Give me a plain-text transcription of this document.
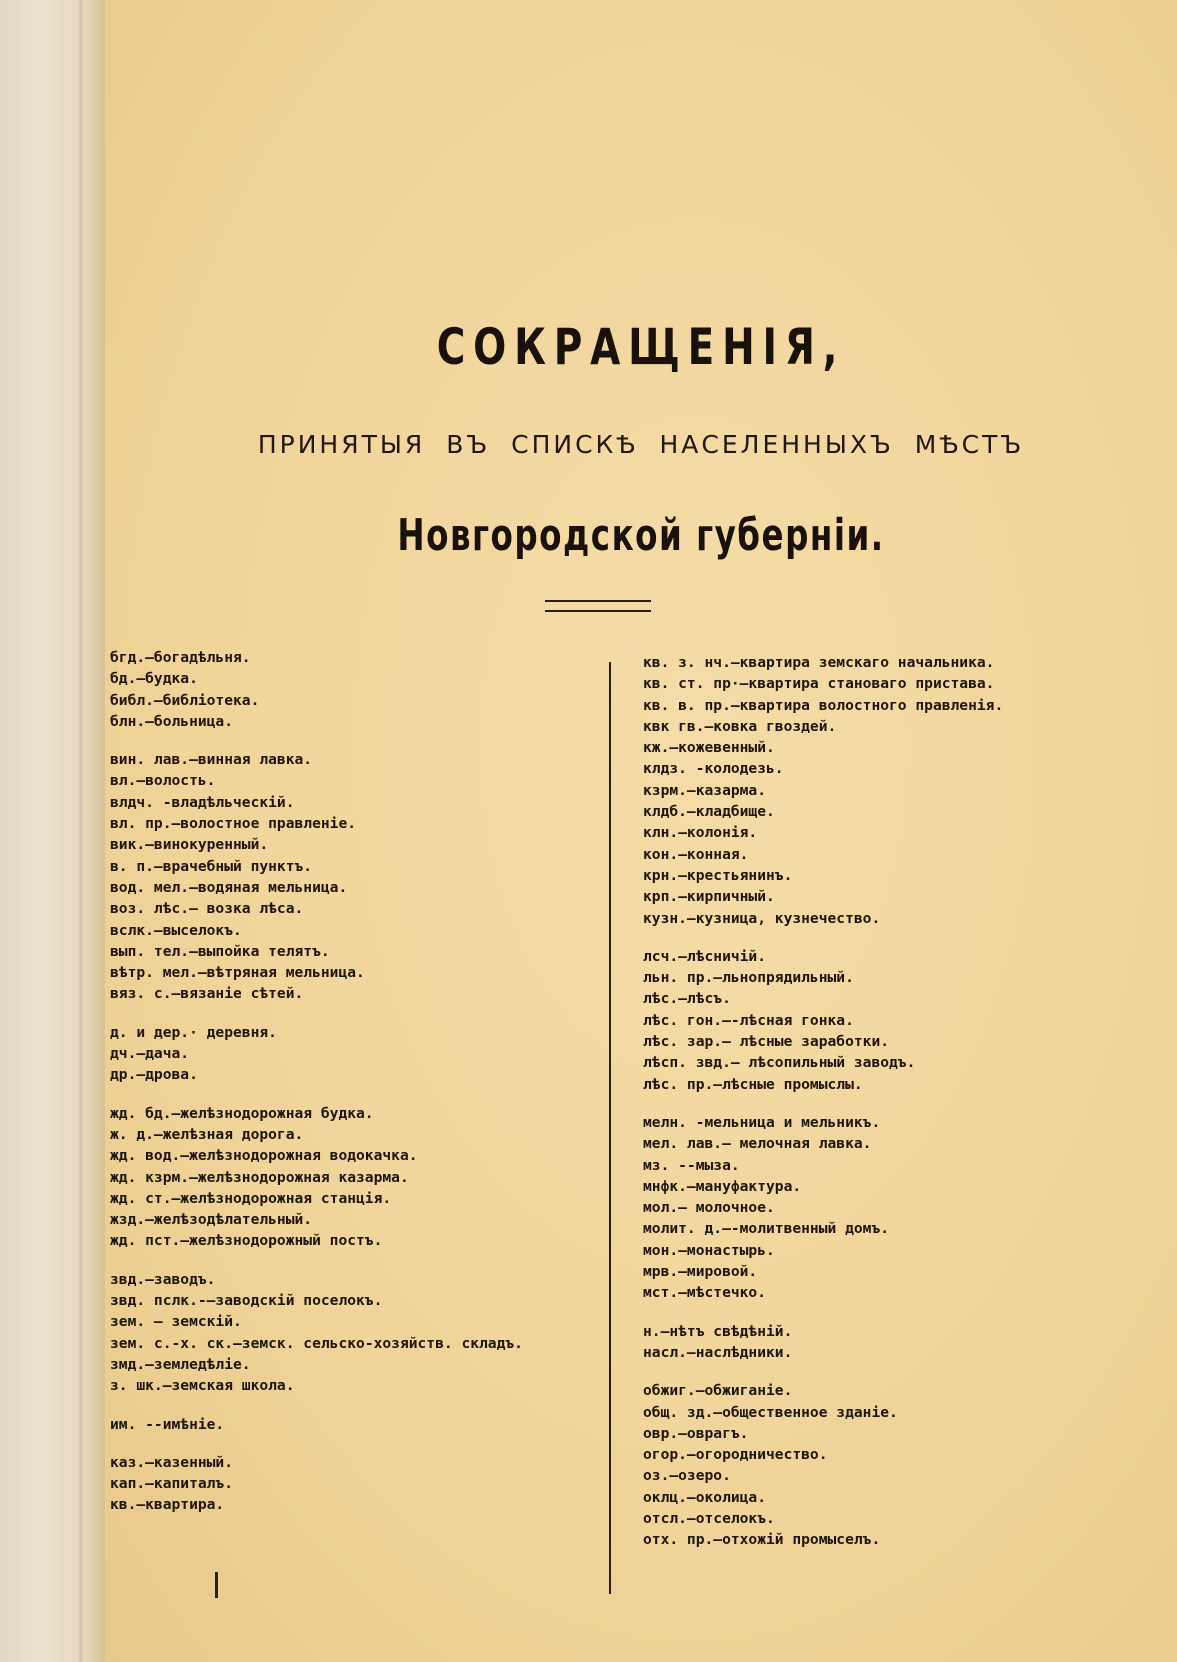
СОКРАЩЕНІЯ,
ПРИНЯТЫЯ ВЪ СПИСКѢ НАСЕЛЕННЫХЪ МѢСТЪ
Новгородской губерніи.
бгд.—богадѣльня.
бд.—будка.
библ.—библіотека.
блн.—больница.
вин. лав.—винная лавка.
вл.—волость.
влдч. -владѣльческій.
вл. пр.—волостное правленіе.
вик.—винокуренный.
в. п.—врачебный пунктъ.
вод. мел.—водяная мельница.
воз. лѣс.– возка лѣса.
вслк.—выселокъ.
вып. тел.—выпойка телятъ.
вѣтр. мел.—вѣтряная мельница.
вяз. с.—вязаніе сѣтей.
д. и дер.· деревня.
дч.—дача.
др.—дрова.
жд. бд.—желѣзнодорожная будка.
ж. д.—желѣзная дорога.
жд. вод.—желѣзнодорожная водокачка.
жд. кзрм.—желѣзнодорожная казарма.
жд. ст.—желѣзнодорожная станція.
жзд.—желѣзодѣлательный.
жд. пст.—желѣзнодорожный постъ.
звд.—заводъ.
звд. пслк.-–заводскій поселокъ.
зем. – земскій.
зем. с.-х. ск.—земск. сельско-хозяйств. складъ.
змд.—земледѣліе.
з. шк.—земская школа.
им. --имѣніе.
каз.—казенный.
кап.—капиталъ.
кв.—квартира.
кв. з. нч.—квартира земскаго начальника.
кв. ст. пр·—квартира становаго пристава.
кв. в. пр.—квартира волостного правленія.
квк гв.—ковка гвоздей.
кж.—кожевенный.
клдз. -колодезь.
кзрм.—казарма.
клдб.—кладбище.
клн.—колонія.
кон.—конная.
крн.—крестьянинъ.
крп.—кирпичный.
кузн.—кузница, кузнечество.
лсч.—лѣсничій.
льн. пр.—льнопрядильный.
лѣс.—лѣсъ.
лѣс. гон.–-лѣсная гонка.
лѣс. зар.– лѣсные заработки.
лѣсп. звд.– лѣсопильный заводъ.
лѣс. пр.—лѣсные промыслы.
мелн. -мельница и мельникъ.
мел. лав.– мелочная лавка.
мз. --мыза.
мнфк.—мануфактура.
мол.– молочное.
молит. д.–-молитвенный домъ.
мон.—монастырь.
мрв.—мировой.
мст.—мѣстечко.
н.—нѣтъ свѣдѣній.
насл.—наслѣдники.
обжиг.—обжиганіе.
общ. зд.—общественное зданіе.
овр.—оврагъ.
огор.—огородничество.
оз.—озеро.
оклц.—околица.
отсл.—отселокъ.
отх. пр.—отхожій промыселъ.
